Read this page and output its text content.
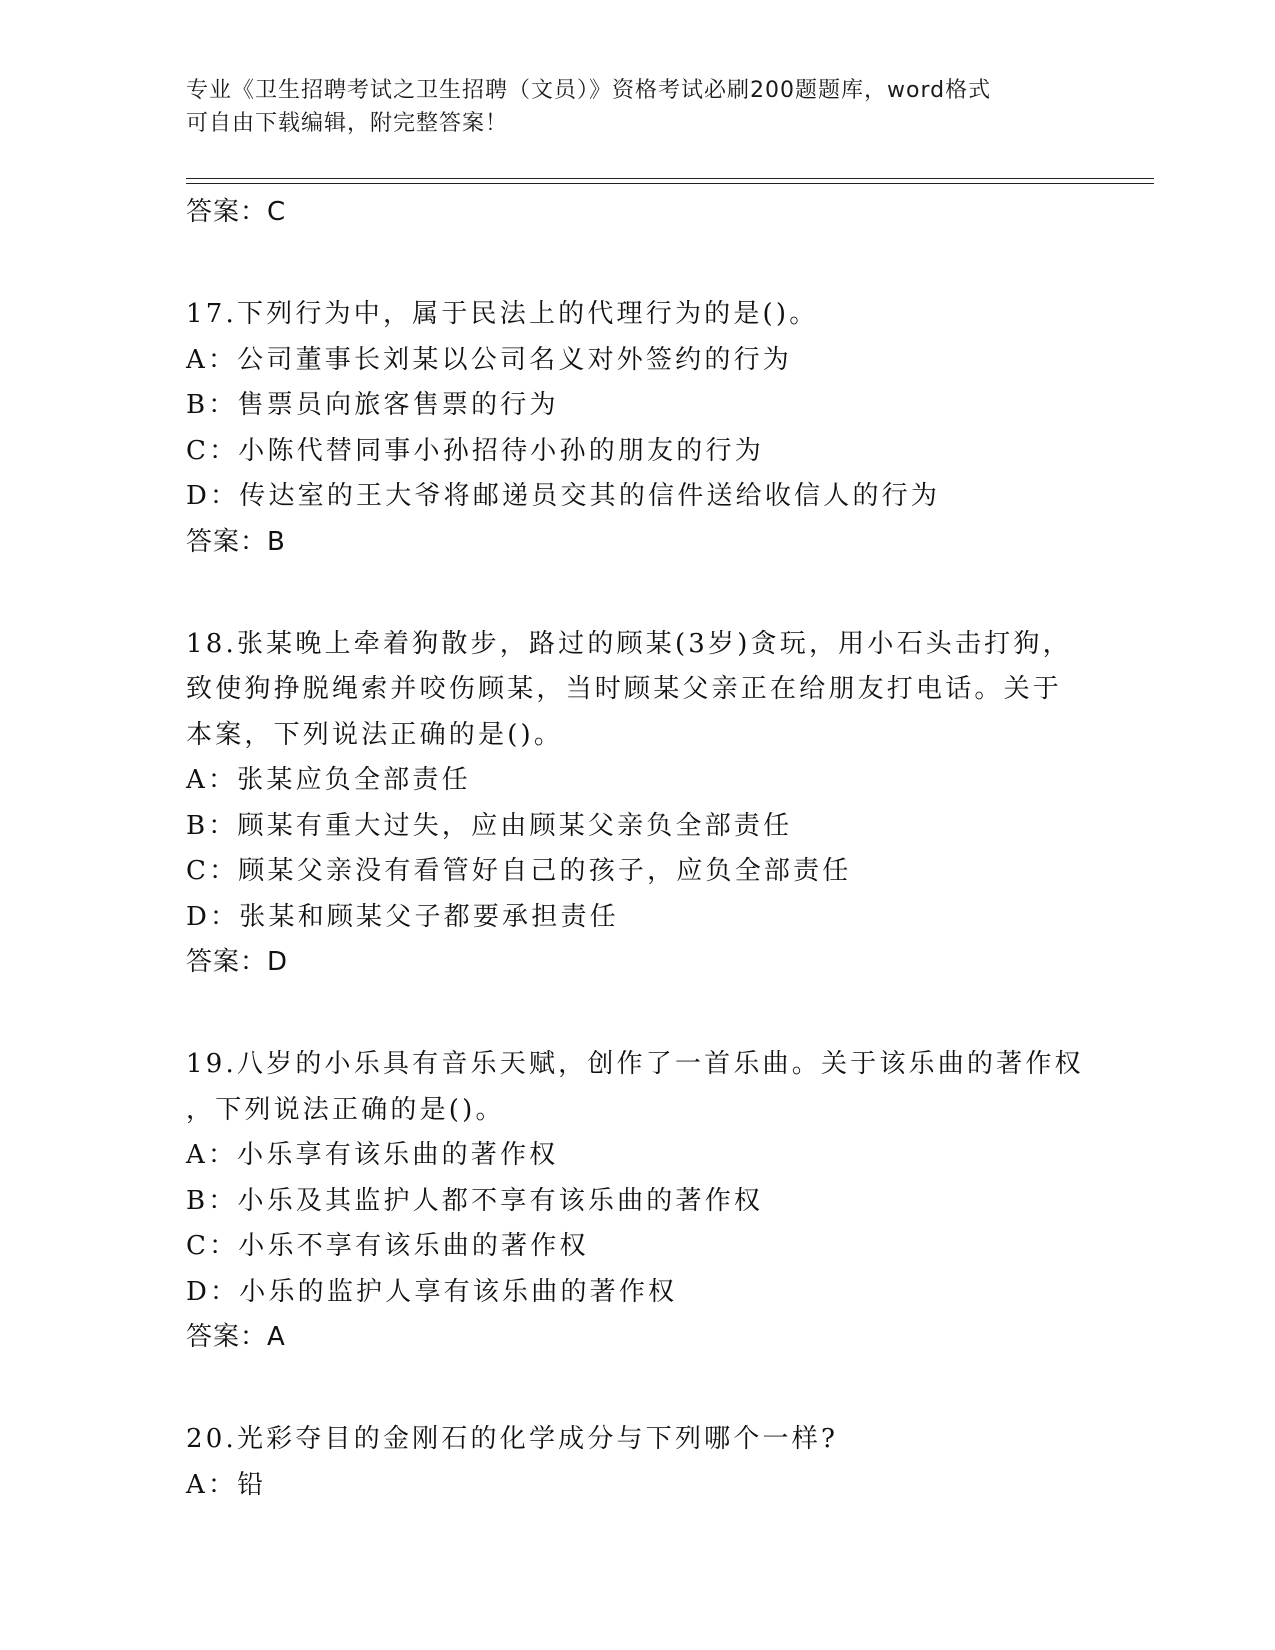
专业《卫生招聘考试之卫生招聘（文员）》资格考试必刷200题题库，word格式
可自由下载编辑，附完整答案！
答案：C
17.下列行为中，属于民法上的代理行为的是()。
A：公司董事长刘某以公司名义对外签约的行为
B：售票员向旅客售票的行为
C：小陈代替同事小孙招待小孙的朋友的行为
D：传达室的王大爷将邮递员交其的信件送给收信人的行为
答案：B
18.张某晚上牵着狗散步，路过的顾某(3岁)贪玩，用小石头击打狗，
致使狗挣脱绳索并咬伤顾某，当时顾某父亲正在给朋友打电话。关于
本案，下列说法正确的是()。
A：张某应负全部责任
B：顾某有重大过失，应由顾某父亲负全部责任
C：顾某父亲没有看管好自己的孩子，应负全部责任
D：张某和顾某父子都要承担责任
答案：D
19.八岁的小乐具有音乐天赋，创作了一首乐曲。关于该乐曲的著作权
，下列说法正确的是()。
A：小乐享有该乐曲的著作权
B：小乐及其监护人都不享有该乐曲的著作权
C：小乐不享有该乐曲的著作权
D：小乐的监护人享有该乐曲的著作权
答案：A
20.光彩夺目的金刚石的化学成分与下列哪个一样?
A：铅
